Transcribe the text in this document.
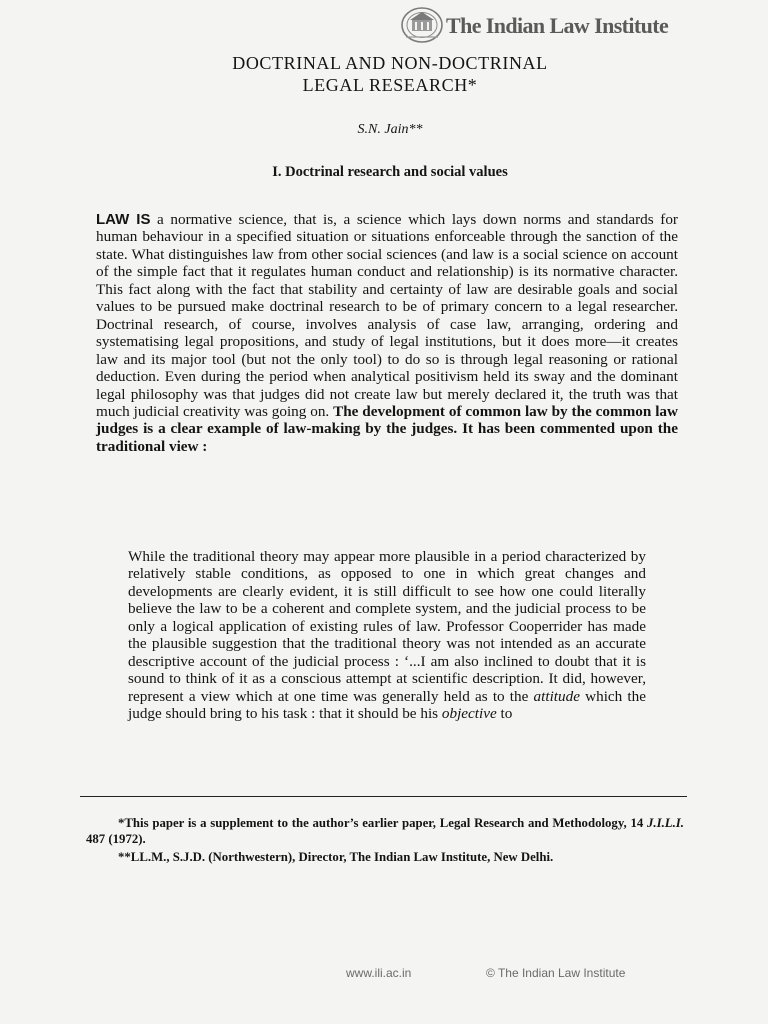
The Indian Law Institute
DOCTRINAL AND NON-DOCTRINAL
LEGAL RESEARCH*
S.N. Jain**
I. Doctrinal research and social values

LAW IS a normative science, that is, a science which lays down norms and standards for human behaviour in a specified situation or situations enforceable through the sanction of the state. What distinguishes law from other social sciences (and law is a social science on account of the simple fact that it regulates human conduct and relationship) is its normative character. This fact along with the fact that stability and certainty of law are desirable goals and social values to be pursued make doctrinal research to be of primary concern to a legal researcher. Doctrinal research, of course, involves analysis of case law, arranging, ordering and systematising legal propositions, and study of legal institutions, but it does more—it creates law and its major tool (but not the only tool) to do so is through legal reasoning or rational deduction. Even during the period when analytical positivism held its sway and the dominant legal philosophy was that judges did not create law but merely declared it, the truth was that much judicial creativity was going on. The development of common law by the common law judges is a clear example of law-making by the judges. It has been commented upon the traditional view :

While the traditional theory may appear more plausible in a period characterized by relatively stable conditions, as opposed to one in which great changes and developments are clearly evident, it is still difficult to see how one could literally believe the law to be a coherent and complete system, and the judicial process to be only a logical application of existing rules of law. Professor Cooperrider has made the plausible suggestion that the traditional theory was not intended as an accurate descriptive account of the judicial process : ‘...I am also inclined to doubt that it is sound to think of it as a conscious attempt at scientific description. It did, however, represent a view which at one time was generally held as to the attitude which the judge should bring to his task : that it should be his objective to

*This paper is a supplement to the author’s earlier paper, Legal Research and Methodology, 14 J.I.L.I. 487 (1972).

**LL.M., S.J.D. (Northwestern), Director, The Indian Law Institute, New Delhi.

www.ili.ac.in	© The Indian Law Institute
